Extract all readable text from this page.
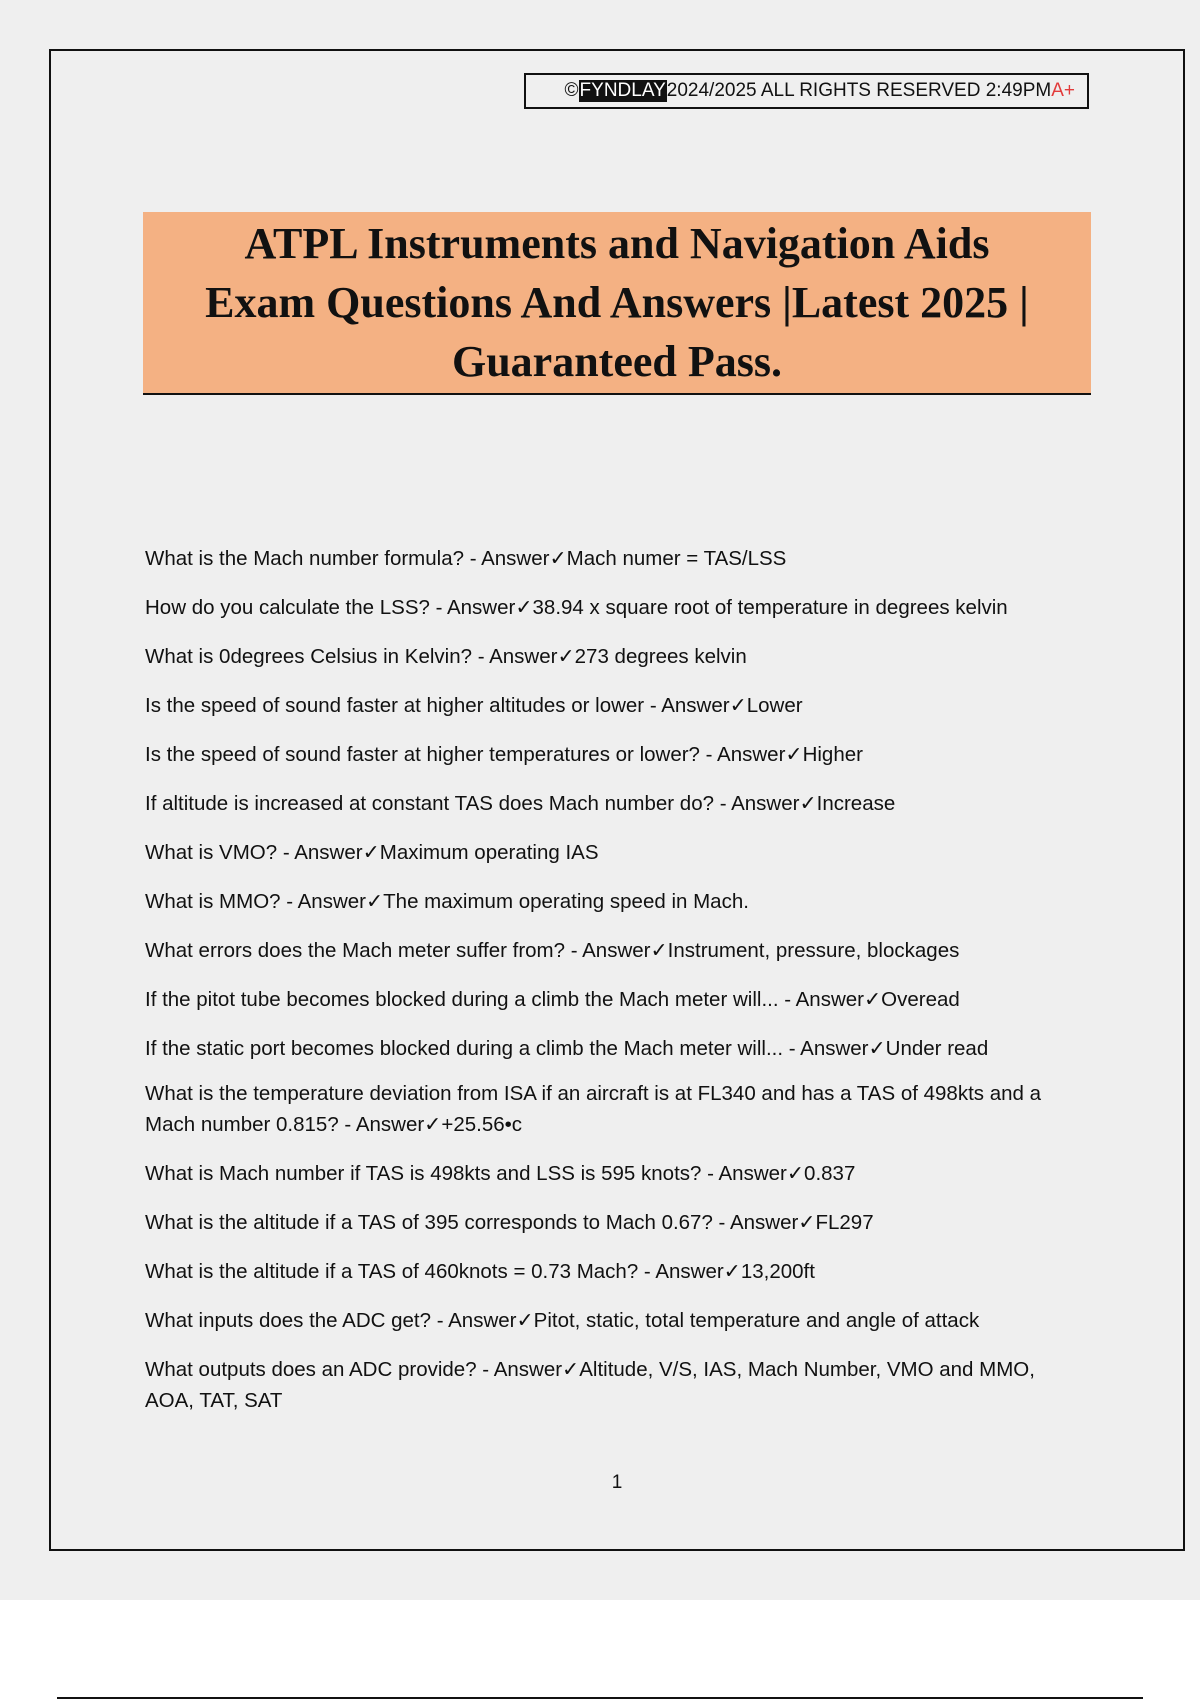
© FYNDLAY 2024/2025 ALL RIGHTS RESERVED 2:49PM A+
ATPL Instruments and Navigation Aids
Exam Questions And Answers |Latest 2025 |
Guaranteed Pass.
What is the Mach number formula? - Answer✓Mach numer = TAS/LSS
How do you calculate the LSS? - Answer✓38.94 x square root of temperature in degrees kelvin
What is 0degrees Celsius in Kelvin? - Answer✓273 degrees kelvin
Is the speed of sound faster at higher altitudes or lower - Answer✓Lower
Is the speed of sound faster at higher temperatures or lower? - Answer✓Higher
If altitude is increased at constant TAS does Mach number do? - Answer✓Increase
What is VMO? - Answer✓Maximum operating IAS
What is MMO? - Answer✓The maximum operating speed in Mach.
What errors does the Mach meter suffer from? - Answer✓Instrument, pressure, blockages
If the pitot tube becomes blocked during a climb the Mach meter will... - Answer✓Overead
If the static port becomes blocked during a climb the Mach meter will... - Answer✓Under read
What is the temperature deviation from ISA if an aircraft is at FL340 and has a TAS of 498kts and a Mach number 0.815? - Answer✓+25.56•c
What is Mach number if TAS is 498kts and LSS is 595 knots? - Answer✓0.837
What is the altitude if a TAS of 395 corresponds to Mach 0.67? - Answer✓FL297
What is the altitude if a TAS of 460knots = 0.73 Mach? - Answer✓13,200ft
What inputs does the ADC get? - Answer✓Pitot, static, total temperature and angle of attack
What outputs does an ADC provide? - Answer✓Altitude, V/S, IAS, Mach Number, VMO and MMO, AOA, TAT, SAT
1
